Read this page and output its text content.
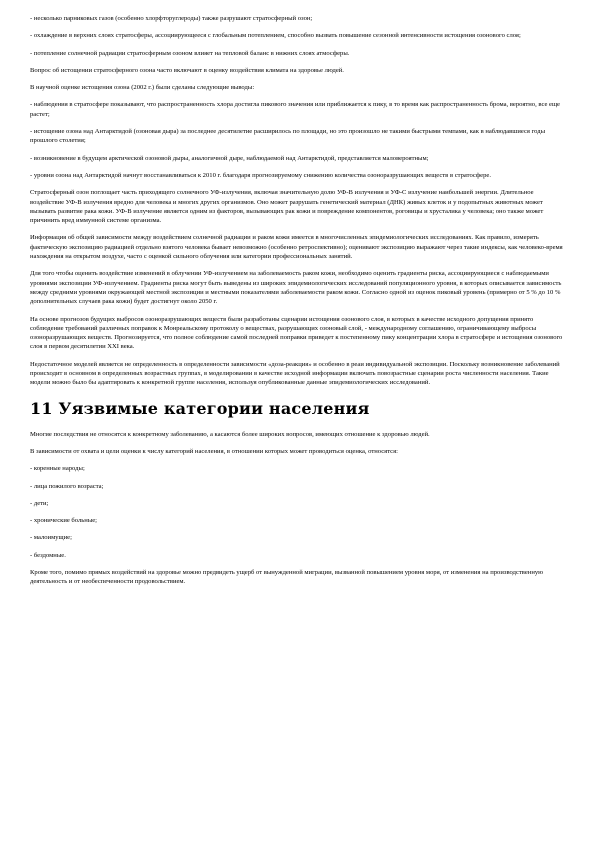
- несколько парниковых газов (особенно хлорфторуглероды) также разрушают стратосферный озон;

- охлаждение в верхних слоях стратосферы, ассоциирующееся с глобальным потеплением, способно вызвать повышение сезонной интенсивности истощения озонового слоя;

- потепление солнечной радиации стратосферным озоном влияет на тепловой баланс в нижних слоях атмосферы.

Вопрос об истощении стратосферного озона часто включают в оценку воздействия климата на здоровье людей.

В научной оценке истощения озона (2002 г.) были сделаны следующие выводы:

- наблюдения в стратосфере показывают, что распространенность хлора достигла пикового значения или приближается к пику, в то время как распространенность брома, вероятно, все еще растет;

- истощение озона над Антарктидой (озоновая дыра) за последнее десятилетие расширилось по площади, но это произошло не такими быстрыми темпами, как в наблюдавшиеся годы прошлого столетия;

- возникновение в будущем арктической озоновой дыры, аналогичной дыре, наблюдаемой над Антарктидой, представляется маловероятным;

- уровни озона над Антарктидой начнут восстанавливаться к 2010 г. благодаря прогнозируемому снижению количества озоноразрушающих веществ в стратосфере.

Стратосферный озон поглощает часть приходящего солнечного УФ-излучения, включая значительную долю УФ-В излучения и УФ-С излучение наибольшей энергии. Длительное воздействие УФ-В излучения вредно для человека и многих других организмов. Оно может разрушать генетический материал (ДНК) живых клеток и у подопытных животных может вызывать развитие рака кожи. УФ-В излучение является одним из факторов, вызывающих рак кожи и повреждение компонентов, роговицы и хрусталика у человека; оно также может причинить вред иммунной системе организма.

Информация об общей зависимости между воздействием солнечной радиации и раком кожи имеется в многочисленных эпидемиологических исследованиях. Как правило, измерять фактическую экспозицию радиацией отдельно взятого человека бывает невозможно (особенно ретроспективно); оценивают экспозицию выражают через такие индексы, как человеко-время нахождения на открытом воздухе, часто с оценкой сильного облучения или категории профессиональных занятий.

Для того чтобы оценить воздействие изменений в облучении УФ-излучением на заболеваемость раком кожи, необходимо оценить градиенты риска, ассоциирующиеся с наблюдаемыми уровнями экспозиции УФ-излучением. Градиенты риска могут быть выведены из широких эпидемиологических исследований популяционного уровня, в которых описывается зависимость между средними уровнями окружающей местной экспозиции и местными показателями заболеваемости раком кожи. Согласно одной из оценок пиковый уровень (примерно от 5 % до 10 % дополнительных случаев рака кожи) будет достигнут около 2050 г.

На основе прогнозов будущих выбросов озоноразрушающих веществ были разработаны сценарии истощения озонового слоя, в которых в качестве исходного допущения принято соблюдение требований различных поправок к Монреальскому протоколу о веществах, разрушающих озоновый слой, - международному соглашению, ограничивающему выбросы озоноразрушающих веществ. Прогнозируется, что полное соблюдение самой последней поправки приведет к постепенному пику концентрации хлора в стратосфере и истощения озонового слоя в первом десятилетии XXI века.

Недостаточное моделей является не определенность в определенности зависимости «доза-реакция» и особенно в реаи индивидуальной экспозиции. Поскольку возникновение заболеваний происходит в основном в определенных возрастных группах, в моделировании в качестве исходной информации включать повозрастные сценарии роста численности населения. Такие модели можно было бы адаптировать к конкретной группе населения, используя опубликованные данные эпидемиологических исследований.

11 Уязвимые категории населения

Многие последствия не относятся к конкретному заболеванию, а касаются более широких вопросов, имеющих отношение к здоровью людей.

В зависимости от охвата и цели оценки к числу категорий населения, в отношении которых может проводиться оценка, относятся:

- коренные народы;

- лица пожилого возраста;

- дети;

- хронические больные;

- малоимущие;

- бездомные.

Кроме того, помимо прямых воздействий на здоровье можно предвидеть ущерб от вынужденной миграции, вызванной повышением уровня моря, от изменения на производственную деятельность и от необеспеченности продовольствием.
